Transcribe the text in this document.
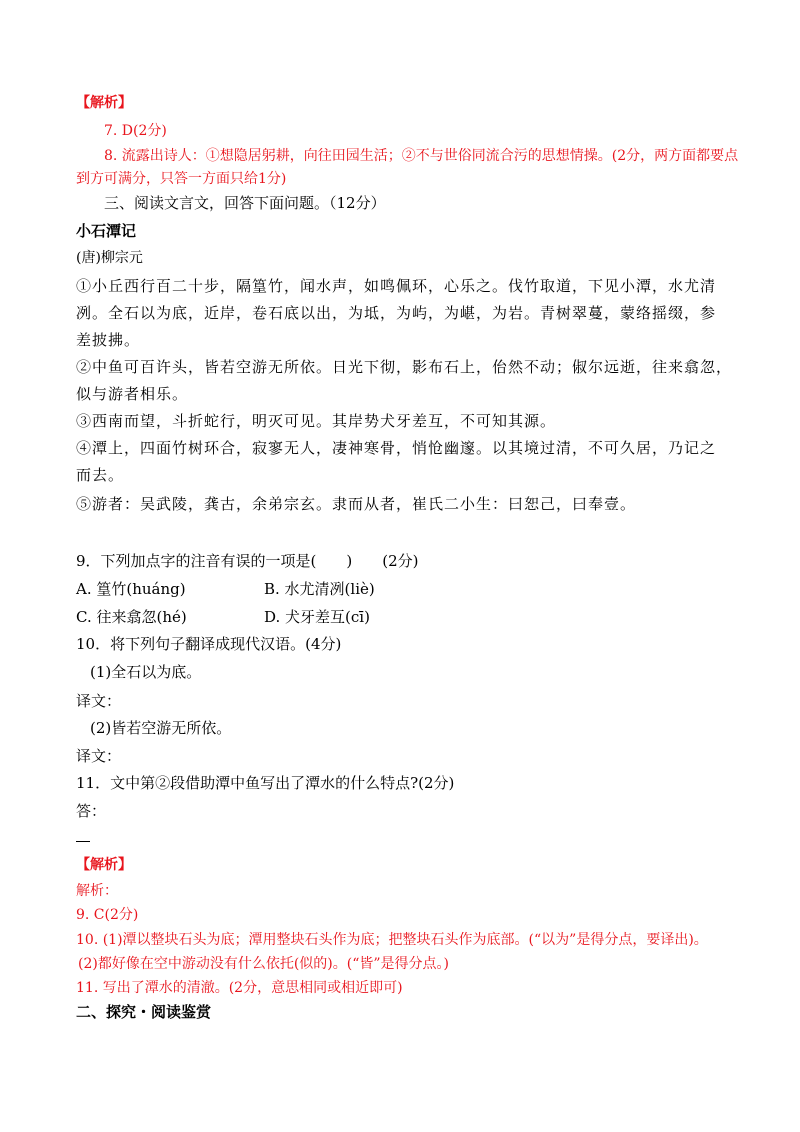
【解析】
7. D(2分)
8. 流露出诗人：①想隐居躬耕，向往田园生活；②不与世俗同流合污的思想情操。(2分，两方面都要点
到方可满分，只答一方面只给1分)
三、阅读文言文，回答下面问题。（12分）
小石潭记
(唐)柳宗元
①小丘西行百二十步，隔篁竹，闻水声，如鸣佩环，心乐之。伐竹取道，下见小潭，水尤清
冽。全石以为底，近岸，卷石底以出，为坻，为屿，为嵁，为岩。青树翠蔓，蒙络摇缀，参
差披拂。
②中鱼可百许头，皆若空游无所依。日光下彻，影布石上，佁然不动；俶尔远逝，往来翕忽，
似与游者相乐。
③西南而望，斗折蛇行，明灭可见。其岸势犬牙差互，不可知其源。
④潭上，四面竹树环合，寂寥无人，凄神寒骨，悄怆幽邃。以其境过清，不可久居，乃记之
而去。
⑤游者：吴武陵，龚古，余弟宗玄。隶而从者，崔氏二小生：曰恕己，曰奉壹。
9．下列加点字的注音有误的一项是(　　)　　(2分)
A. 篁竹(huáng)	B. 水尤清冽(liè)
C. 往来翕忽(hé)	D. 犬牙差互(cī)
10．将下列句子翻译成现代汉语。(4分)
(1)全石以为底。
译文：
(2)皆若空游无所依。
译文：
11．文中第②段借助潭中鱼写出了潭水的什么特点?(2分)
答：
【解析】
解析：
9. C(2分)
10. (1)潭以整块石头为底；潭用整块石头作为底；把整块石头作为底部。(“以为”是得分点，要译出)。
(2)都好像在空中游动没有什么依托(似的)。(“皆”是得分点。)
11. 写出了潭水的清澈。(2分，意思相同或相近即可)
二、探究・阅读鉴赏
